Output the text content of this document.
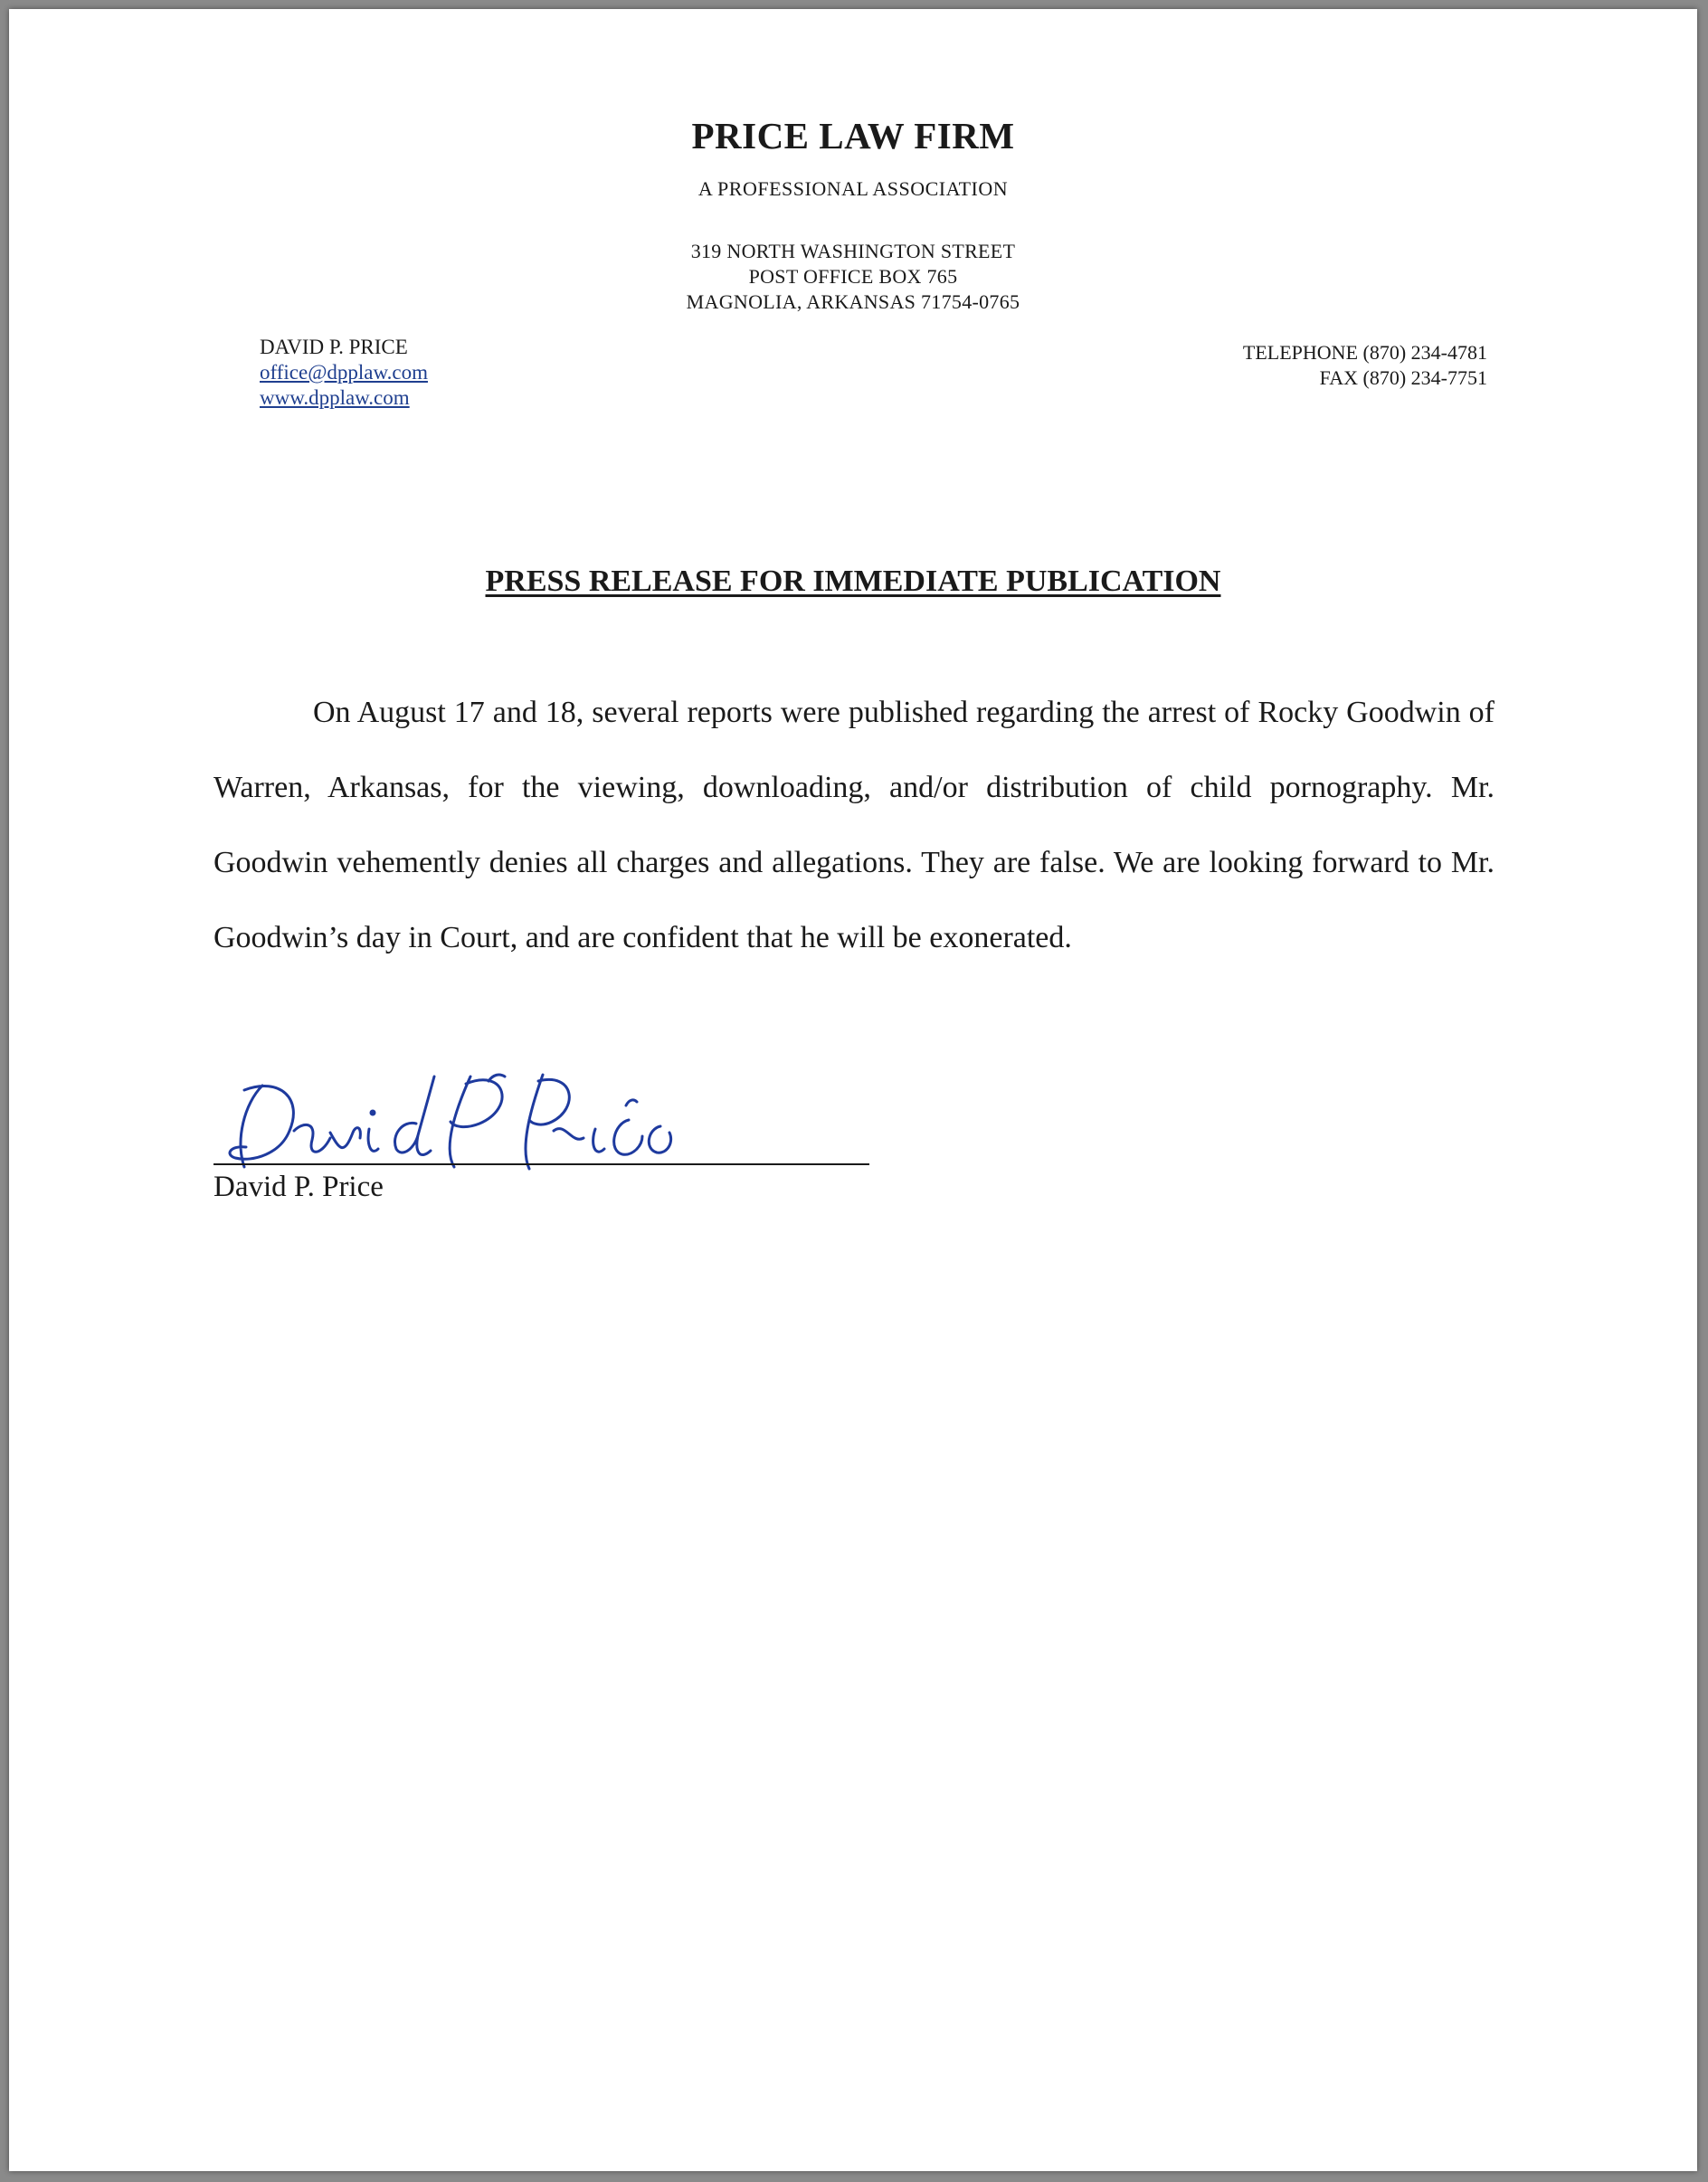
PRICE LAW FIRM
A PROFESSIONAL ASSOCIATION
319 NORTH WASHINGTON STREET
POST OFFICE BOX 765
MAGNOLIA, ARKANSAS 71754-0765
DAVID P. PRICE
office@dpplaw.com
www.dpplaw.com
TELEPHONE (870) 234-4781
FAX (870) 234-7751
PRESS RELEASE FOR IMMEDIATE PUBLICATION
On August 17 and 18, several reports were published regarding the arrest of Rocky Goodwin of Warren, Arkansas, for the viewing, downloading, and/or distribution of child pornography. Mr. Goodwin vehemently denies all charges and allegations. They are false. We are looking forward to Mr. Goodwin’s day in Court, and are confident that he will be exonerated.
David P. Price
